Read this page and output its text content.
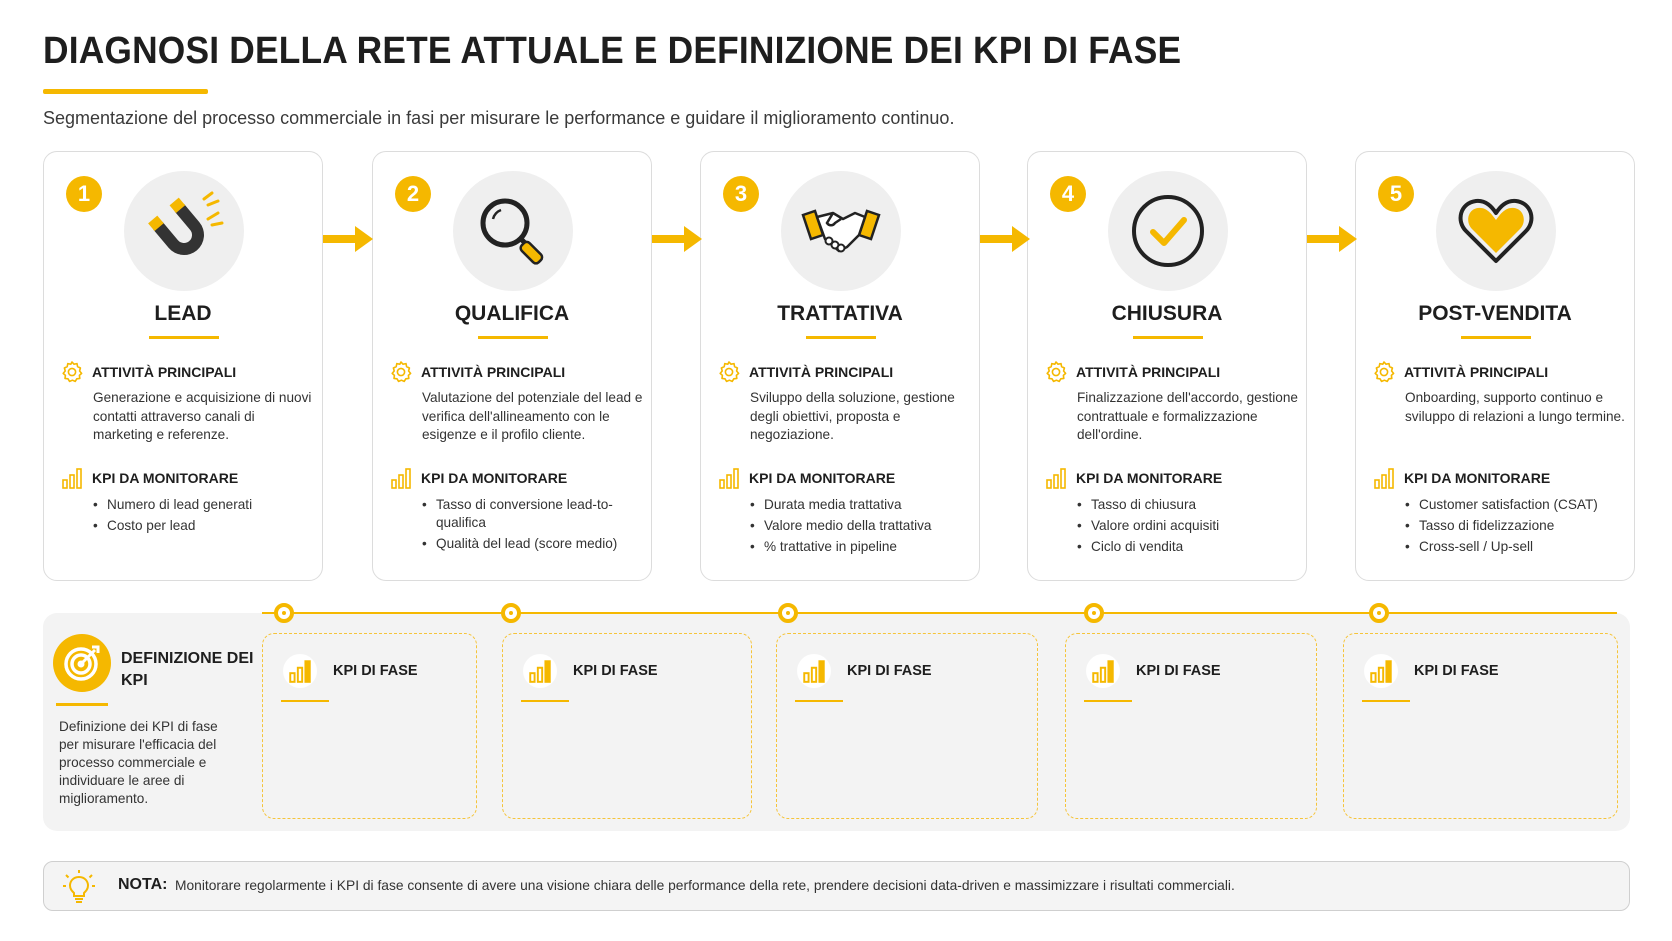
DIAGNOSI DELLA RETE ATTUALE E DEFINIZIONE DEI KPI DI FASE
Segmentazione del processo commerciale in fasi per misurare le performance e guidare il miglioramento continuo.
1
LEAD
ATTIVITÀ PRINCIPALI
Generazione e acquisizione di nuovi contatti attraverso canali di marketing e referenze.
KPI DA MONITORARE
• Numero di lead generati
• Costo per lead
2
QUALIFICA
ATTIVITÀ PRINCIPALI
Valutazione del potenziale del lead e verifica dell'allineamento con le esigenze e il profilo cliente.
KPI DA MONITORARE
• Tasso di conversione lead-to-qualifica
• Qualità del lead (score medio)
3
TRATTATIVA
ATTIVITÀ PRINCIPALI
Sviluppo della soluzione, gestione degli obiettivi, proposta e negoziazione.
KPI DA MONITORARE
• Durata media trattativa
• Valore medio della trattativa
• % trattative in pipeline
4
CHIUSURA
ATTIVITÀ PRINCIPALI
Finalizzazione dell'accordo, gestione contrattuale e formalizzazione dell'ordine.
KPI DA MONITORARE
• Tasso di chiusura
• Valore ordini acquisiti
• Ciclo di vendita
5
POST-VENDITA
ATTIVITÀ PRINCIPALI
Onboarding, supporto continuo e sviluppo di relazioni a lungo termine.
KPI DA MONITORARE
• Customer satisfaction (CSAT)
• Tasso di fidelizzazione
• Cross-sell / Up-sell
DEFINIZIONE DEI KPI
Definizione dei KPI di fase per misurare l'efficacia del processo commerciale e individuare le aree di miglioramento.
KPI DI FASE	KPI DI FASE	KPI DI FASE	KPI DI FASE	KPI DI FASE
NOTA: Monitorare regolarmente i KPI di fase consente di avere una visione chiara delle performance della rete, prendere decisioni data-driven e massimizzare i risultati commerciali.
